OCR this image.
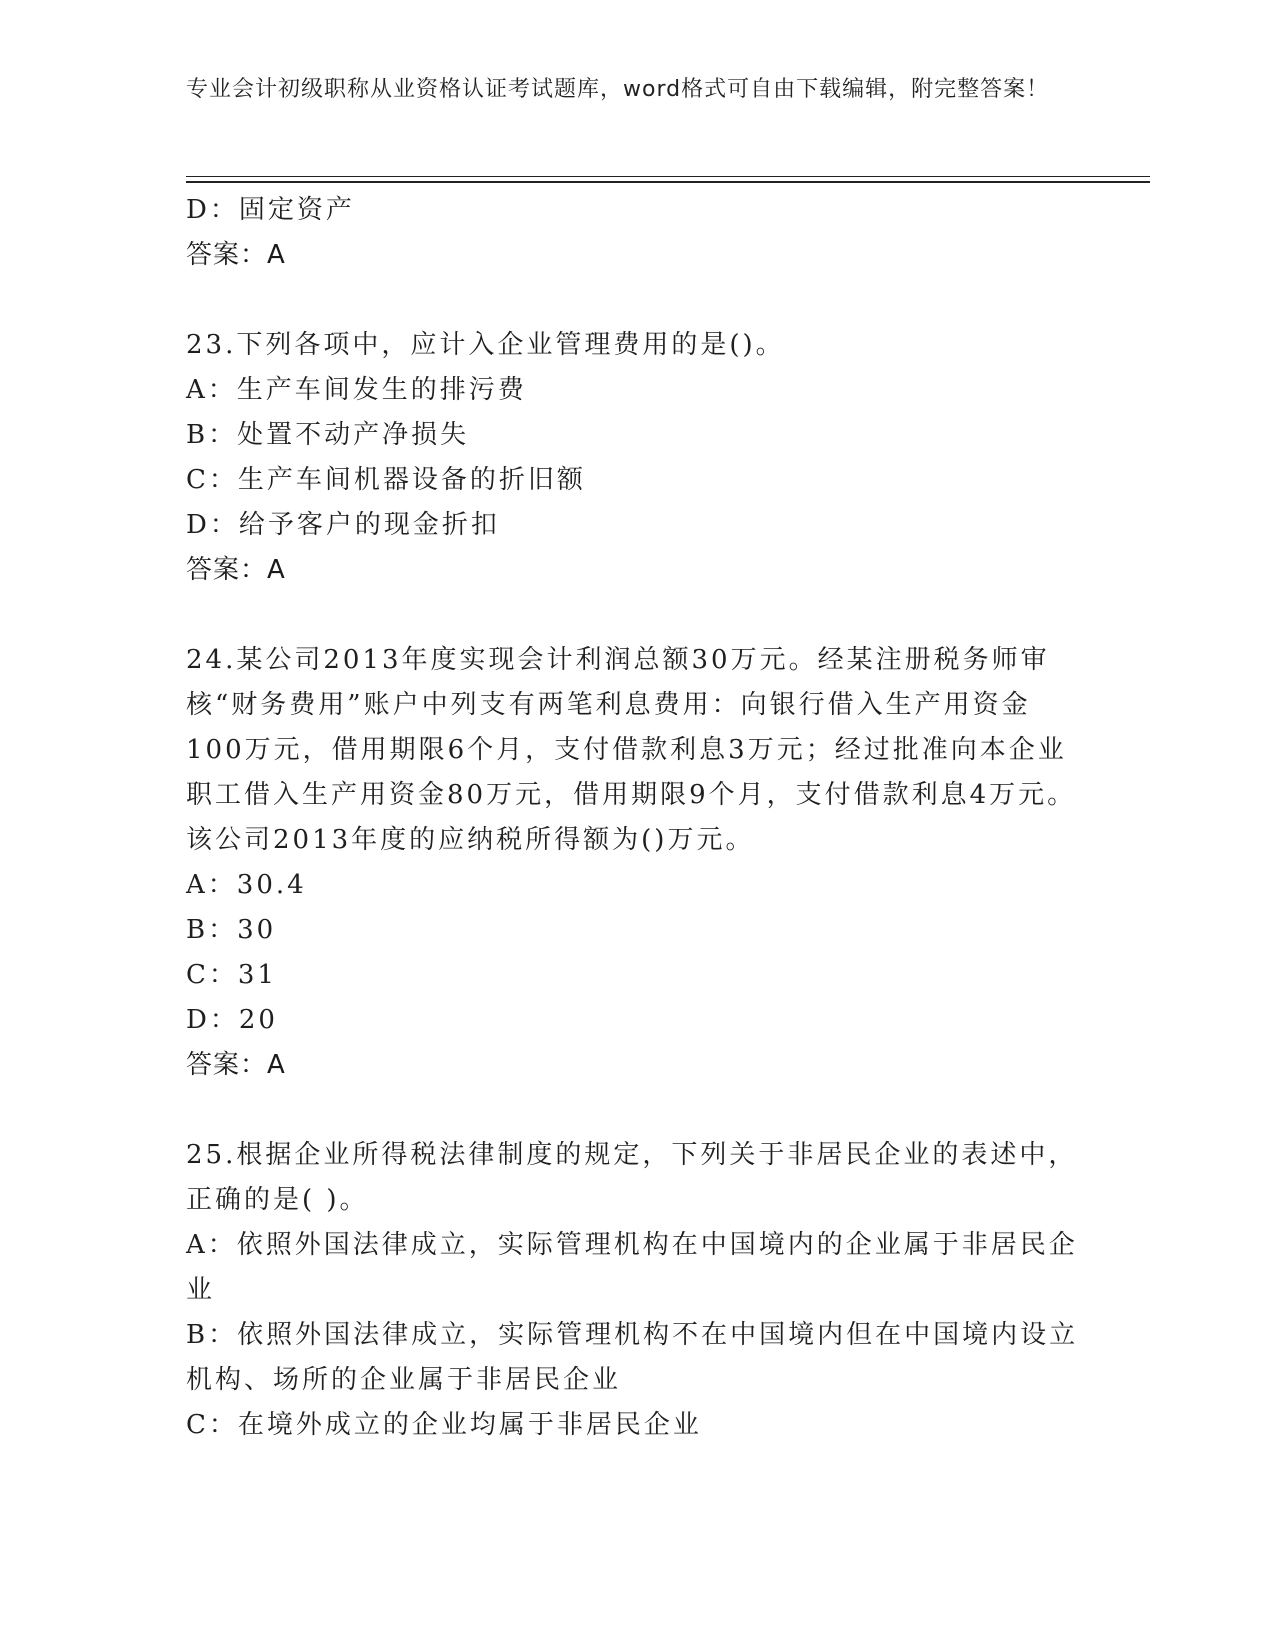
专业会计初级职称从业资格认证考试题库，word格式可自由下载编辑，附完整答案！
D：固定资产
答案：A
23.下列各项中，应计入企业管理费用的是()。
A：生产车间发生的排污费
B：处置不动产净损失
C：生产车间机器设备的折旧额
D：给予客户的现金折扣
答案：A
24.某公司2013年度实现会计利润总额30万元。经某注册税务师审核“财务费用”账户中列支有两笔利息费用：向银行借入生产用资金100万元，借用期限6个月，支付借款利息3万元；经过批准向本企业职工借入生产用资金80万元，借用期限9个月，支付借款利息4万元。该公司2013年度的应纳税所得额为()万元。
A：30.4
B：30
C：31
D：20
答案：A
25.根据企业所得税法律制度的规定，下列关于非居民企业的表述中，正确的是( )。
A：依照外国法律成立，实际管理机构在中国境内的企业属于非居民企业
B：依照外国法律成立，实际管理机构不在中国境内但在中国境内设立机构、场所的企业属于非居民企业
C：在境外成立的企业均属于非居民企业
